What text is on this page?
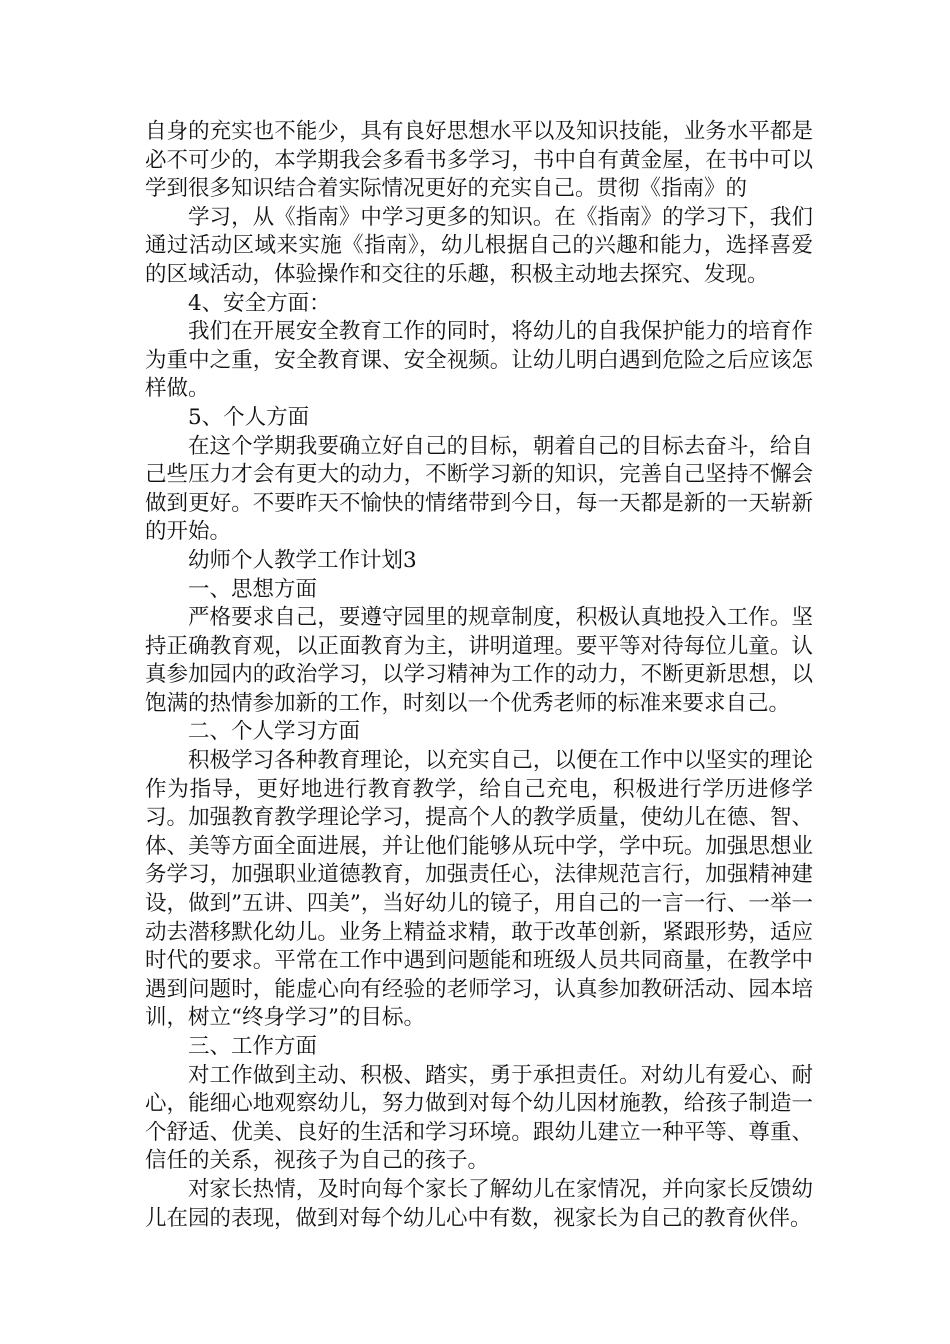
自身的充实也不能少，具有良好思想水平以及知识技能，业务水平都是必不可少的，本学期我会多看书多学习，书中自有黄金屋，在书中可以学到很多知识结合着实际情况更好的充实自己。贯彻《指南》的

学习，从《指南》中学习更多的知识。在《指南》的学习下，我们通过活动区域来实施《指南》，幼儿根据自己的兴趣和能力，选择喜爱的区域活动，体验操作和交往的乐趣，积极主动地去探究、发现。

4、安全方面：

我们在开展安全教育工作的同时，将幼儿的自我保护能力的培育作为重中之重，安全教育课、安全视频。让幼儿明白遇到危险之后应该怎样做。

5、个人方面

在这个学期我要确立好自己的目标，朝着自己的目标去奋斗，给自己些压力才会有更大的动力，不断学习新的知识，完善自己坚持不懈会做到更好。不要昨天不愉快的情绪带到今日，每一天都是新的一天崭新的开始。

幼师个人教学工作计划3

一、思想方面

严格要求自己，要遵守园里的规章制度，积极认真地投入工作。坚持正确教育观，以正面教育为主，讲明道理。要平等对待每位儿童。认真参加园内的政治学习，以学习精神为工作的动力，不断更新思想，以饱满的热情参加新的工作，时刻以一个优秀老师的标准来要求自己。

二、个人学习方面

积极学习各种教育理论，以充实自己，以便在工作中以坚实的理论作为指导，更好地进行教育教学，给自己充电，积极进行学历进修学习。加强教育教学理论学习，提高个人的教学质量，使幼儿在德、智、体、美等方面全面进展，并让他们能够从玩中学，学中玩。加强思想业务学习，加强职业道德教育，加强责任心，法律规范言行，加强精神建设，做到”五讲、四美”，当好幼儿的镜子，用自己的一言一行、一举一动去潜移默化幼儿。业务上精益求精，敢于改革创新，紧跟形势，适应时代的要求。平常在工作中遇到问题能和班级人员共同商量，在教学中遇到问题时，能虚心向有经验的老师学习，认真参加教研活动、园本培训，树立“终身学习”的目标。

三、工作方面

对工作做到主动、积极、踏实，勇于承担责任。对幼儿有爱心、耐心，能细心地观察幼儿，努力做到对每个幼儿因材施教，给孩子制造一个舒适、优美、良好的生活和学习环境。跟幼儿建立一种平等、尊重、信任的关系，视孩子为自己的孩子。

对家长热情，及时向每个家长了解幼儿在家情况，并向家长反馈幼儿在园的表现，做到对每个幼儿心中有数，视家长为自己的教育伙伴。
